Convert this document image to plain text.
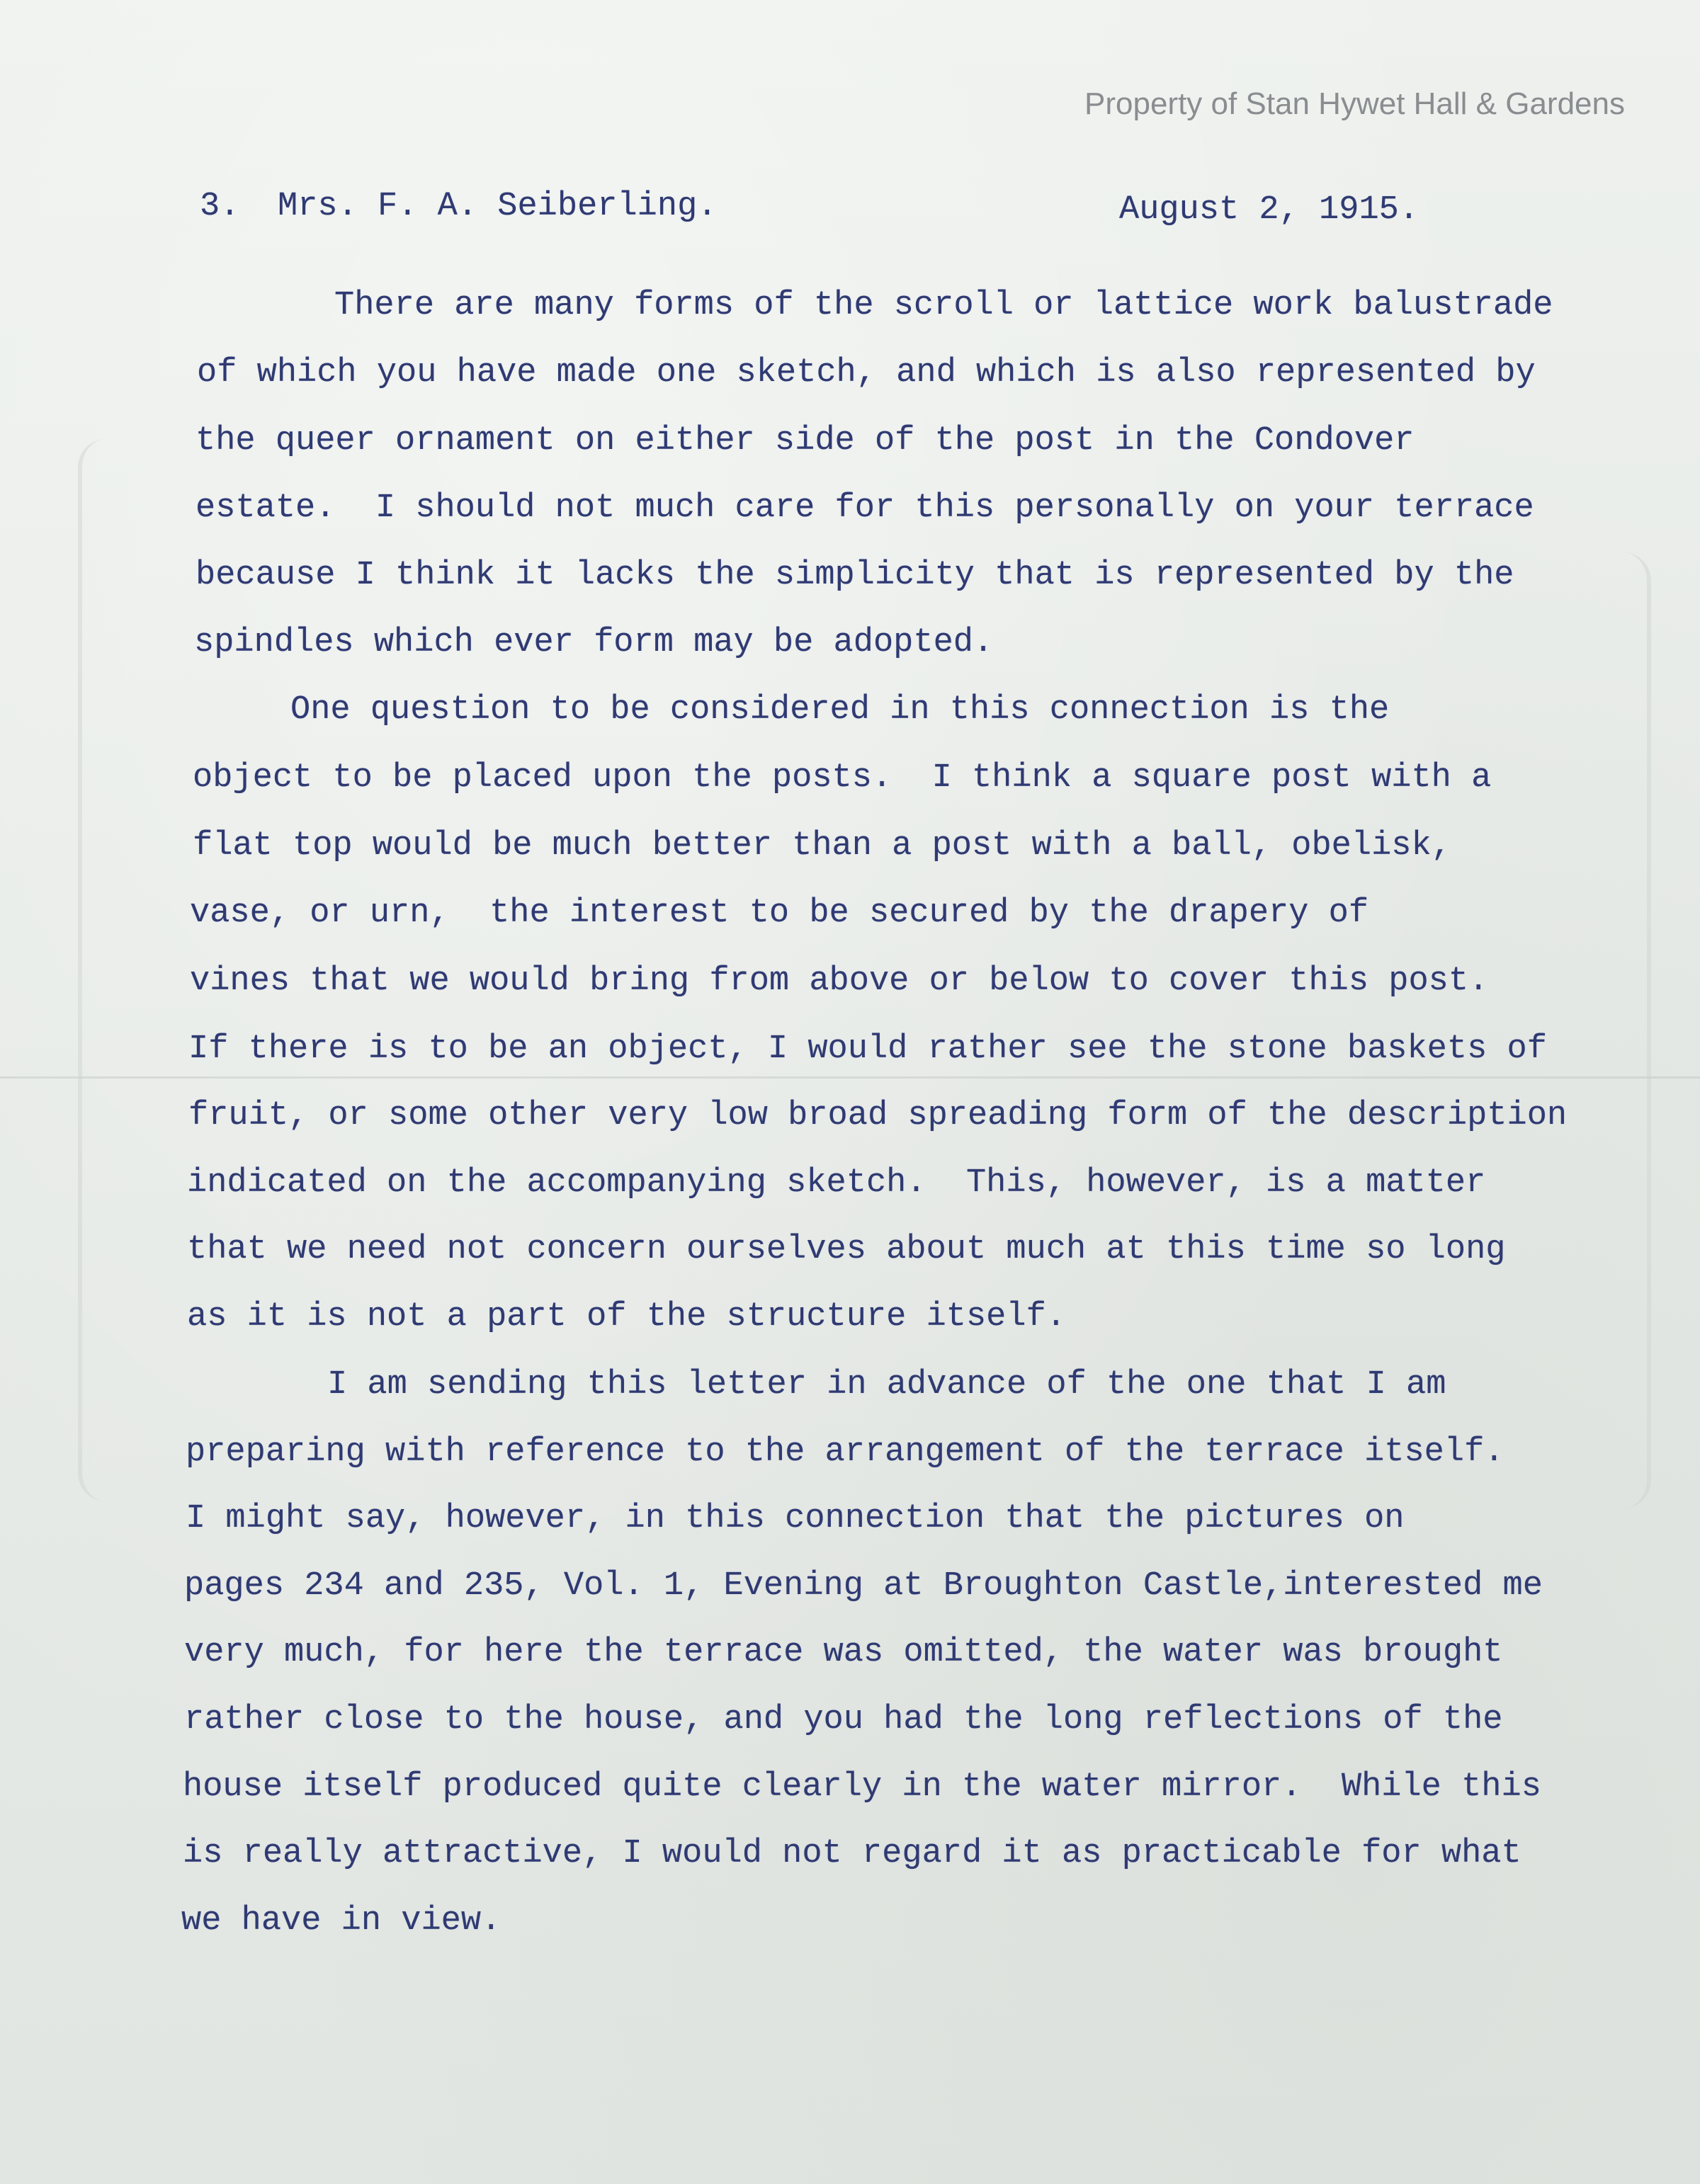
Property of Stan Hywet Hall & Gardens
3. Mrs. F. A. Seiberling.	August 2, 1915.

There are many forms of the scroll or lattice work balustrade

of which you have made one sketch, and which is also represented by

the queer ornament on either side of the post in the Condover

estate.  I should not much care for this personally on your terrace

because I think it lacks the simplicity that is represented by the

spindles which ever form may be adopted.

One question to be considered in this connection is the

object to be placed upon the posts.  I think a square post with a

flat top would be much better than a post with a ball, obelisk,

vase, or urn,  the interest to be secured by the drapery of

vines that we would bring from above or below to cover this post.

If there is to be an object, I would rather see the stone baskets of

fruit, or some other very low broad spreading form of the description

indicated on the accompanying sketch.  This, however, is a matter

that we need not concern ourselves about much at this time so long

as it is not a part of the structure itself.

I am sending this letter in advance of the one that I am

preparing with reference to the arrangement of the terrace itself.

I might say, however, in this connection that the pictures on

pages 234 and 235, Vol. 1, Evening at Broughton Castle,interested me

very much, for here the terrace was omitted, the water was brought

rather close to the house, and you had the long reflections of the

house itself produced quite clearly in the water mirror.  While this

is really attractive, I would not regard it as practicable for what

we have in view.
